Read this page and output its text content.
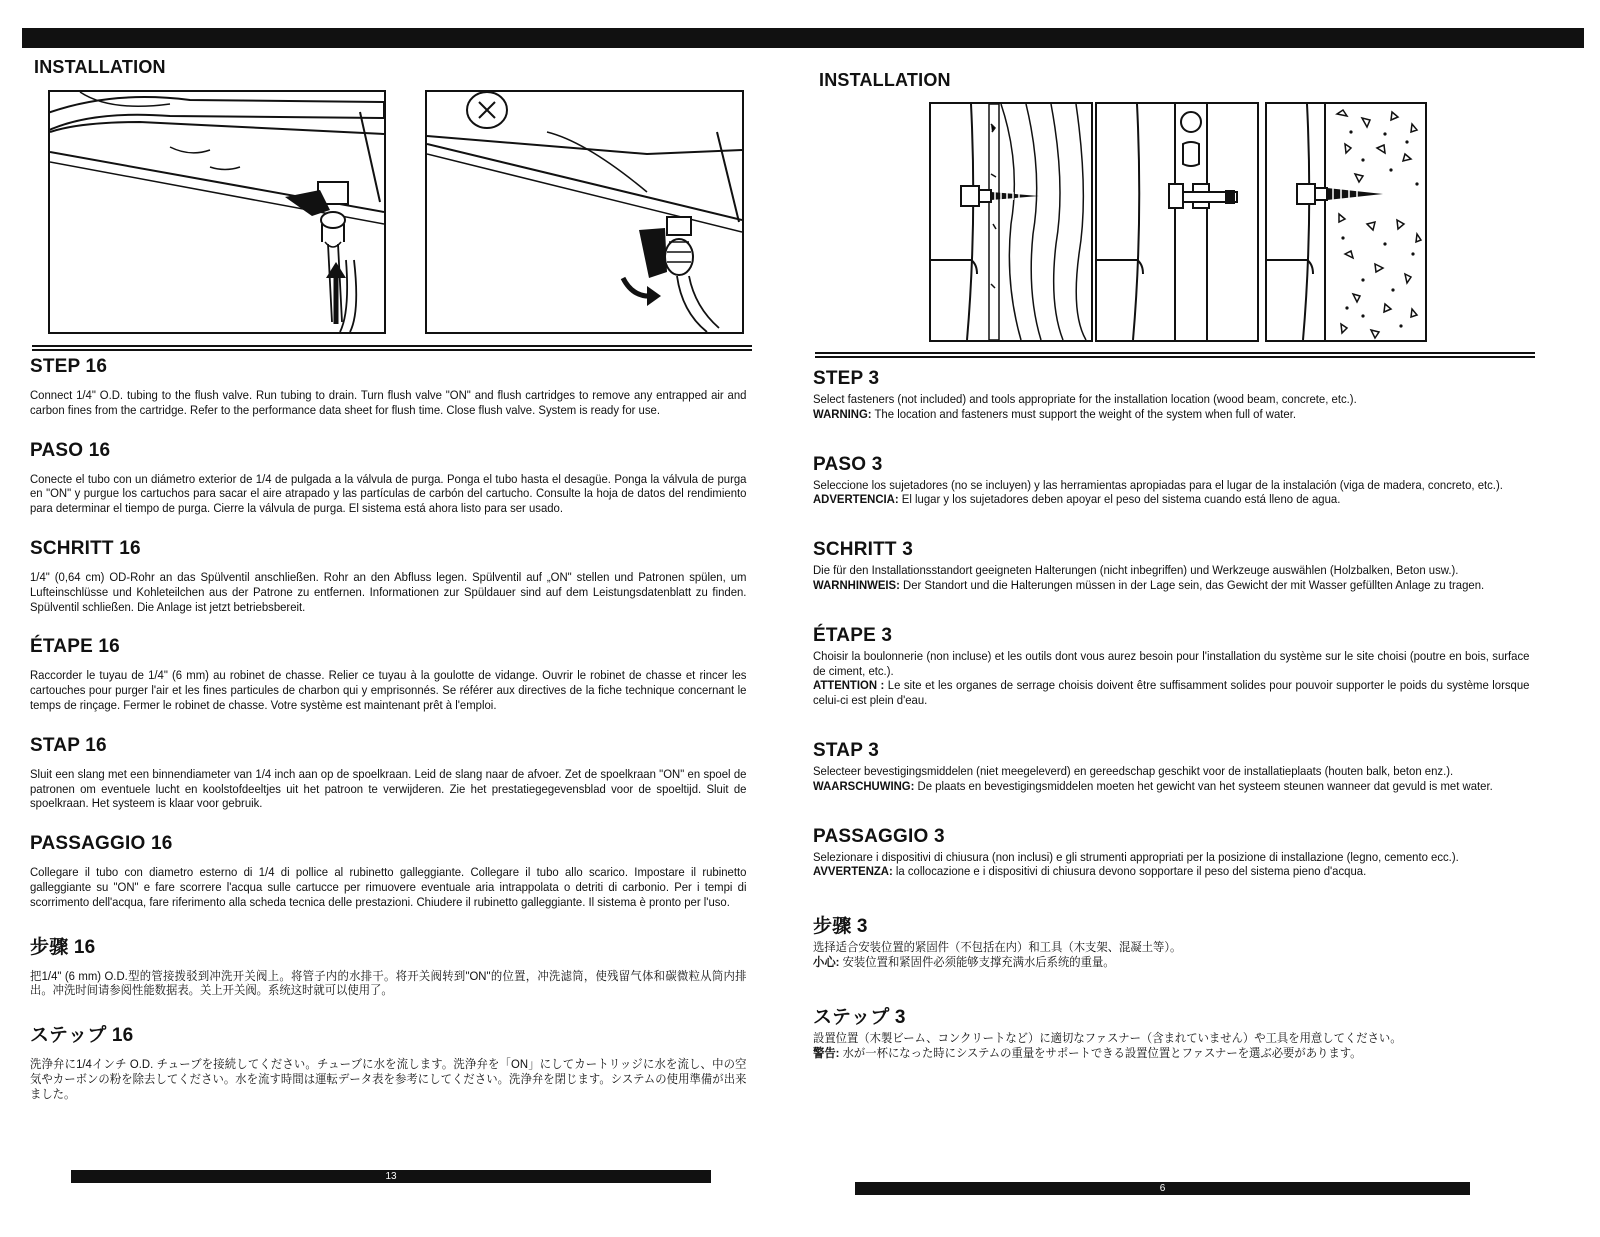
INSTALLATION
STEP 16

Connect 1/4" O.D. tubing to the flush valve. Run tubing to drain. Turn flush valve "ON" and flush cartridges to remove any entrapped air and carbon fines from the cartridge. Refer to the performance data sheet for flush time. Close flush valve. System is ready for use.

PASO 16

Conecte el tubo con un diámetro exterior de 1/4 de pulgada a la válvula de purga. Ponga el tubo hasta el desagüe. Ponga la válvula de purga en "ON" y purgue los cartuchos para sacar el aire atrapado y las partículas de carbón del cartucho. Consulte la hoja de datos del rendimiento para determinar el tiempo de purga. Cierre la válvula de purga. El sistema está ahora listo para ser usado.

SCHRITT 16

1/4" (0,64 cm) OD-Rohr an das Spülventil anschließen. Rohr an den Abfluss legen. Spülventil auf „ON" stellen und Patronen spülen, um Lufteinschlüsse und Kohleteilchen aus der Patrone zu entfernen. Informationen zur Spüldauer sind auf dem Leistungsdatenblatt zu finden. Spülventil schließen. Die Anlage ist jetzt betriebsbereit.

ÉTAPE 16

Raccorder le tuyau de 1/4" (6 mm) au robinet de chasse. Relier ce tuyau à la goulotte de vidange. Ouvrir le robinet de chasse et rincer les cartouches pour purger l'air et les fines particules de charbon qui y emprisonnés. Se référer aux directives de la fiche technique concernant le temps de rinçage. Fermer le robinet de chasse. Votre système est maintenant prêt à l'emploi.

STAP 16

Sluit een slang met een binnendiameter van 1/4 inch aan op de spoelkraan. Leid de slang naar de afvoer. Zet de spoelkraan "ON" en spoel de patronen om eventuele lucht en koolstofdeeltjes uit het patroon te verwijderen. Zie het prestatiegegevensblad voor de spoeltijd. Sluit de spoelkraan. Het systeem is klaar voor gebruik.

PASSAGGIO 16

Collegare il tubo con diametro esterno di 1/4 di pollice al rubinetto galleggiante. Collegare il tubo allo scarico. Impostare il rubinetto galleggiante su "ON" e fare scorrere l'acqua sulle cartucce per rimuovere eventuale aria intrappolata o detriti di carbonio. Per i tempi di scorrimento dell'acqua, fare riferimento alla scheda tecnica delle prestazioni. Chiudere il rubinetto galleggiante. Il sistema è pronto per l'uso.

步骤 16

把1/4" (6 mm) O.D.型的管接拨驳到冲洗开关阀上。将管子内的水排干。将开关阀转到"ON"的位置，冲洗滤筒，使残留气体和碳微粒从筒内排出。冲洗时间请参阅性能数据表。关上开关阀。系统这时就可以使用了。

ステップ 16

洗浄弁に1/4インチ O.D. チューブを接続してください。チューブに水を流します。洗浄弁を「ON」にしてカートリッジに水を流し、中の空気やカーボンの粉を除去してください。水を流す時間は運転データ表を参考にしてください。洗浄弁を閉じます。システムの使用準備が出来ました。

13
INSTALLATION
STEP 3

Select fasteners (not included) and tools appropriate for the installation location (wood beam, concrete, etc.).

WARNING: The location and fasteners must support the weight of the system when full of water.

PASO 3

Seleccione los sujetadores (no se incluyen) y las herramientas apropiadas para el lugar de la instalación (viga de madera, concreto, etc.).

ADVERTENCIA: El lugar y los sujetadores deben apoyar el peso del sistema cuando está lleno de agua.

SCHRITT 3

Die für den Installationsstandort geeigneten Halterungen (nicht inbegriffen) und Werkzeuge auswählen (Holzbalken, Beton usw.).

WARNHINWEIS: Der Standort und die Halterungen müssen in der Lage sein, das Gewicht der mit Wasser gefüllten Anlage zu tragen.

ÉTAPE 3

Choisir la boulonnerie (non incluse) et les outils dont vous aurez besoin pour l'installation du système sur le site choisi (poutre en bois, surface de ciment, etc.).

ATTENTION : Le site et les organes de serrage choisis doivent être suffisamment solides pour pouvoir supporter le poids du système lorsque celui-ci est plein d'eau.

STAP 3

Selecteer bevestigingsmiddelen (niet meegeleverd) en gereedschap geschikt voor de installatieplaats (houten balk, beton enz.).

WAARSCHUWING: De plaats en bevestigingsmiddelen moeten het gewicht van het systeem steunen wanneer dat gevuld is met water.

PASSAGGIO 3

Selezionare i dispositivi di chiusura (non inclusi) e gli strumenti appropriati per la posizione di installazione (legno, cemento ecc.).

AVVERTENZA: la collocazione e i dispositivi di chiusura devono sopportare il peso del sistema pieno d'acqua.

步骤 3

选择适合安装位置的紧固件（不包括在内）和工具（木支架、混凝土等）。

小心: 安装位置和紧固件必须能够支撑充满水后系统的重量。

ステップ 3

設置位置（木製ビーム、コンクリートなど）に適切なファスナー（含まれていません）や工具を用意してください。

警告: 水が一杯になった時にシステムの重量をサポートできる設置位置とファスナーを選ぶ必要があります。

6
